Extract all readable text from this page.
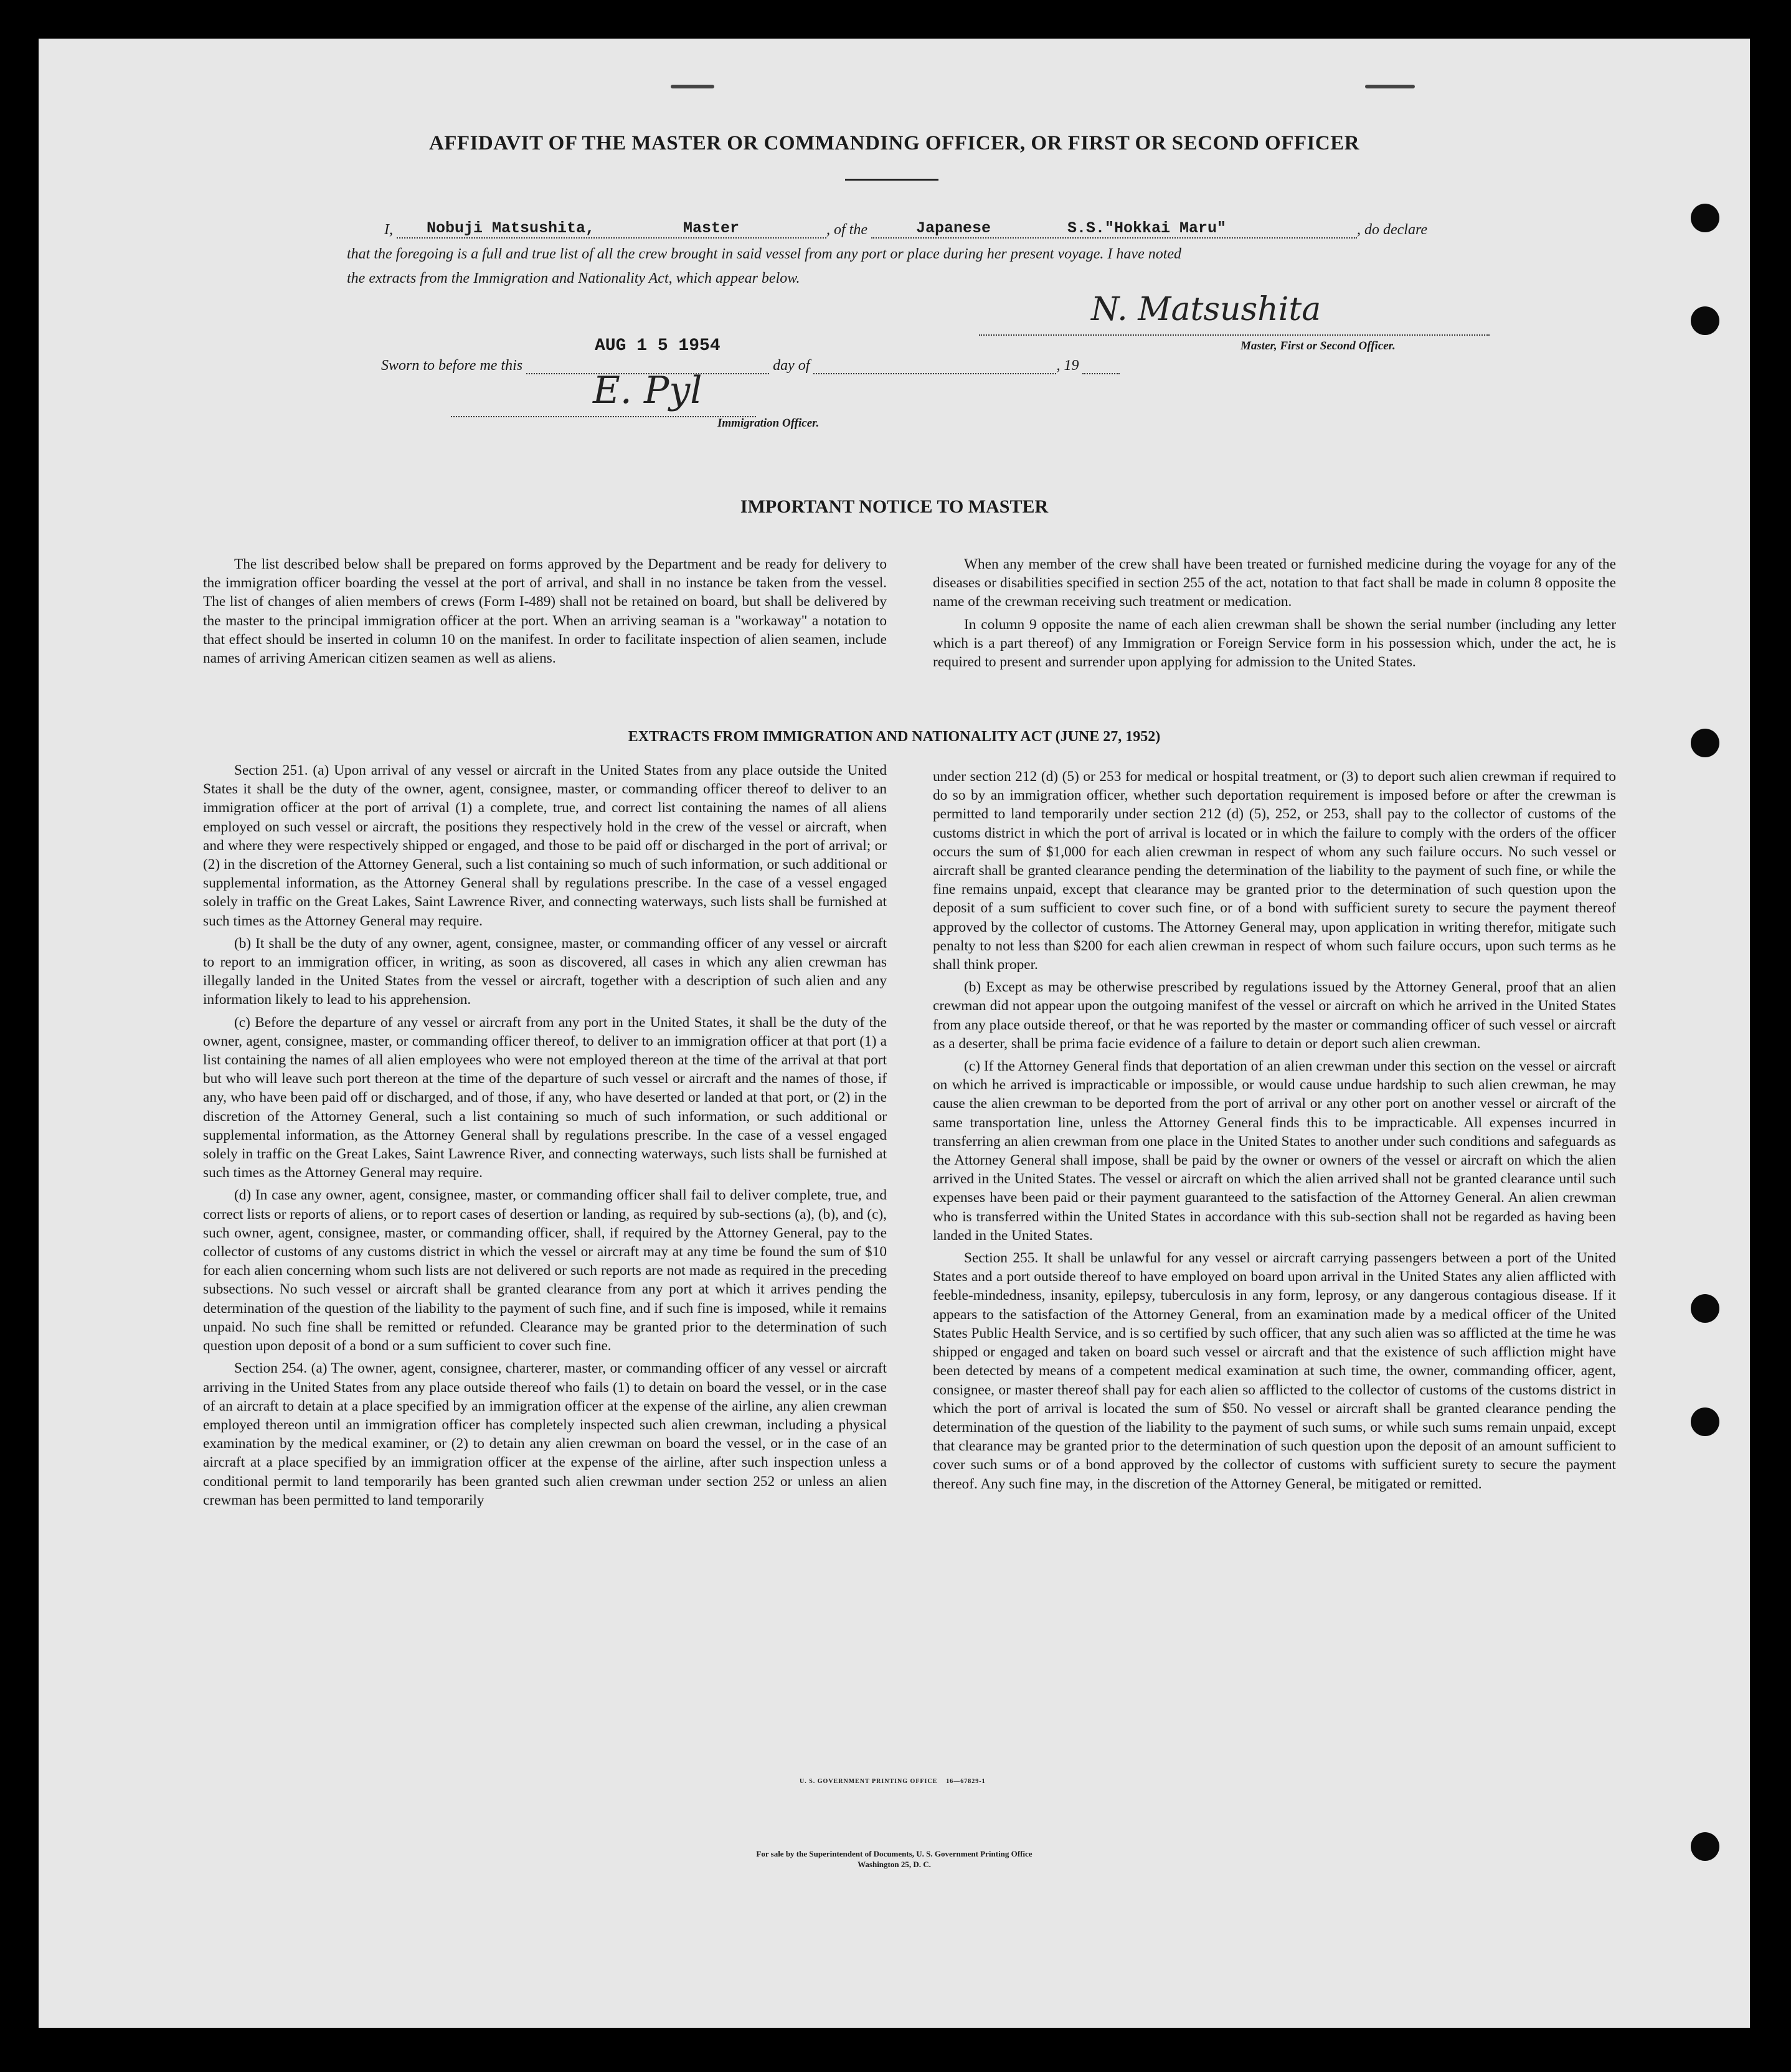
AFFIDAVIT OF THE MASTER OR COMMANDING OFFICER, OR FIRST OR SECOND OFFICER
I, Nobuji Matsushita,	Master	, of the	Japanese	S.S."Hokkai Maru"	, do declare
that the foregoing is a full and true list of all the crew brought in said vessel from any port or place during her present voyage. I have noted
the extracts from the Immigration and Nationality Act, which appear below.
N. Matsushita
Master, First or Second Officer.
AUG 1 5 1954
Sworn to before me this	day of	, 19
E. Pyl
Immigration Officer.
IMPORTANT NOTICE TO MASTER

The list described below shall be prepared on forms approved by the Department and be ready for delivery to the immigration officer boarding the vessel at the port of arrival, and shall in no instance be taken from the vessel. The list of changes of alien members of crews (Form I-489) shall not be retained on board, but shall be delivered by the master to the principal immigration officer at the port. When an arriving seaman is a "workaway" a notation to that effect should be inserted in column 10 on the manifest. In order to facilitate inspection of alien seamen, include names of arriving American citizen seamen as well as aliens.

When any member of the crew shall have been treated or furnished medicine during the voyage for any of the diseases or disabilities specified in section 255 of the act, notation to that fact shall be made in column 8 opposite the name of the crewman receiving such treatment or medication.

In column 9 opposite the name of each alien crewman shall be shown the serial number (including any letter which is a part thereof) of any Immigration or Foreign Service form in his possession which, under the act, he is required to present and surrender upon applying for admission to the United States.

EXTRACTS FROM IMMIGRATION AND NATIONALITY ACT (JUNE 27, 1952)

Section 251. (a) Upon arrival of any vessel or aircraft in the United States from any place outside the United States it shall be the duty of the owner, agent, consignee, master, or commanding officer thereof to deliver to an immigration officer at the port of arrival (1) a complete, true, and correct list containing the names of all aliens employed on such vessel or aircraft, the positions they respectively hold in the crew of the vessel or aircraft, when and where they were respectively shipped or engaged, and those to be paid off or discharged in the port of arrival; or (2) in the discretion of the Attorney General, such a list containing so much of such information, or such additional or supplemental information, as the Attorney General shall by regulations prescribe. In the case of a vessel engaged solely in traffic on the Great Lakes, Saint Lawrence River, and connecting waterways, such lists shall be furnished at such times as the Attorney General may require.

(b) It shall be the duty of any owner, agent, consignee, master, or commanding officer of any vessel or aircraft to report to an immigration officer, in writing, as soon as discovered, all cases in which any alien crewman has illegally landed in the United States from the vessel or aircraft, together with a description of such alien and any information likely to lead to his apprehension.

(c) Before the departure of any vessel or aircraft from any port in the United States, it shall be the duty of the owner, agent, consignee, master, or commanding officer thereof, to deliver to an immigration officer at that port (1) a list containing the names of all alien employees who were not employed thereon at the time of the arrival at that port but who will leave such port thereon at the time of the departure of such vessel or aircraft and the names of those, if any, who have been paid off or discharged, and of those, if any, who have deserted or landed at that port, or (2) in the discretion of the Attorney General, such a list containing so much of such information, or such additional or supplemental information, as the Attorney General shall by regulations prescribe. In the case of a vessel engaged solely in traffic on the Great Lakes, Saint Lawrence River, and connecting waterways, such lists shall be furnished at such times as the Attorney General may require.

(d) In case any owner, agent, consignee, master, or commanding officer shall fail to deliver complete, true, and correct lists or reports of aliens, or to report cases of desertion or landing, as required by sub-sections (a), (b), and (c), such owner, agent, consignee, master, or commanding officer, shall, if required by the Attorney General, pay to the collector of customs of any customs district in which the vessel or aircraft may at any time be found the sum of $10 for each alien concerning whom such lists are not delivered or such reports are not made as required in the preceding subsections. No such vessel or aircraft shall be granted clearance from any port at which it arrives pending the determination of the question of the liability to the payment of such fine, and if such fine is imposed, while it remains unpaid. No such fine shall be remitted or refunded. Clearance may be granted prior to the determination of such question upon deposit of a bond or a sum sufficient to cover such fine.

Section 254. (a) The owner, agent, consignee, charterer, master, or commanding officer of any vessel or aircraft arriving in the United States from any place outside thereof who fails (1) to detain on board the vessel, or in the case of an aircraft to detain at a place specified by an immigration officer at the expense of the airline, any alien crewman employed thereon until an immigration officer has completely inspected such alien crewman, including a physical examination by the medical examiner, or (2) to detain any alien crewman on board the vessel, or in the case of an aircraft at a place specified by an immigration officer at the expense of the airline, after such inspection unless a conditional permit to land temporarily has been granted such alien crewman under section 252 or unless an alien crewman has been permitted to land temporarily

under section 212 (d) (5) or 253 for medical or hospital treatment, or (3) to deport such alien crewman if required to do so by an immigration officer, whether such deportation requirement is imposed before or after the crewman is permitted to land temporarily under section 212 (d) (5), 252, or 253, shall pay to the collector of customs of the customs district in which the port of arrival is located or in which the failure to comply with the orders of the officer occurs the sum of $1,000 for each alien crewman in respect of whom any such failure occurs. No such vessel or aircraft shall be granted clearance pending the determination of the liability to the payment of such fine, or while the fine remains unpaid, except that clearance may be granted prior to the determination of such question upon the deposit of a sum sufficient to cover such fine, or of a bond with sufficient surety to secure the payment thereof approved by the collector of customs. The Attorney General may, upon application in writing therefor, mitigate such penalty to not less than $200 for each alien crewman in respect of whom such failure occurs, upon such terms as he shall think proper.

(b) Except as may be otherwise prescribed by regulations issued by the Attorney General, proof that an alien crewman did not appear upon the outgoing manifest of the vessel or aircraft on which he arrived in the United States from any place outside thereof, or that he was reported by the master or commanding officer of such vessel or aircraft as a deserter, shall be prima facie evidence of a failure to detain or deport such alien crewman.

(c) If the Attorney General finds that deportation of an alien crewman under this section on the vessel or aircraft on which he arrived is impracticable or impossible, or would cause undue hardship to such alien crewman, he may cause the alien crewman to be deported from the port of arrival or any other port on another vessel or aircraft of the same transportation line, unless the Attorney General finds this to be impracticable. All expenses incurred in transferring an alien crewman from one place in the United States to another under such conditions and safeguards as the Attorney General shall impose, shall be paid by the owner or owners of the vessel or aircraft on which the alien arrived in the United States. The vessel or aircraft on which the alien arrived shall not be granted clearance until such expenses have been paid or their payment guaranteed to the satisfaction of the Attorney General. An alien crewman who is transferred within the United States in accordance with this sub-section shall not be regarded as having been landed in the United States.

Section 255. It shall be unlawful for any vessel or aircraft carrying passengers between a port of the United States and a port outside thereof to have employed on board upon arrival in the United States any alien afflicted with feeble-mindedness, insanity, epilepsy, tuberculosis in any form, leprosy, or any dangerous contagious disease. If it appears to the satisfaction of the Attorney General, from an examination made by a medical officer of the United States Public Health Service, and is so certified by such officer, that any such alien was so afflicted at the time he was shipped or engaged and taken on board such vessel or aircraft and that the existence of such affliction might have been detected by means of a competent medical examination at such time, the owner, commanding officer, agent, consignee, or master thereof shall pay for each alien so afflicted to the collector of customs of the customs district in which the port of arrival is located the sum of $50. No vessel or aircraft shall be granted clearance pending the determination of the question of the liability to the payment of such sums, or while such sums remain unpaid, except that clearance may be granted prior to the determination of such question upon the deposit of an amount sufficient to cover such sums or of a bond approved by the collector of customs with sufficient surety to secure the payment thereof. Any such fine may, in the discretion of the Attorney General, be mitigated or remitted.

U. S. GOVERNMENT PRINTING OFFICE    16—67829-1
For sale by the Superintendent of Documents, U. S. Government Printing Office
Washington 25, D. C.
